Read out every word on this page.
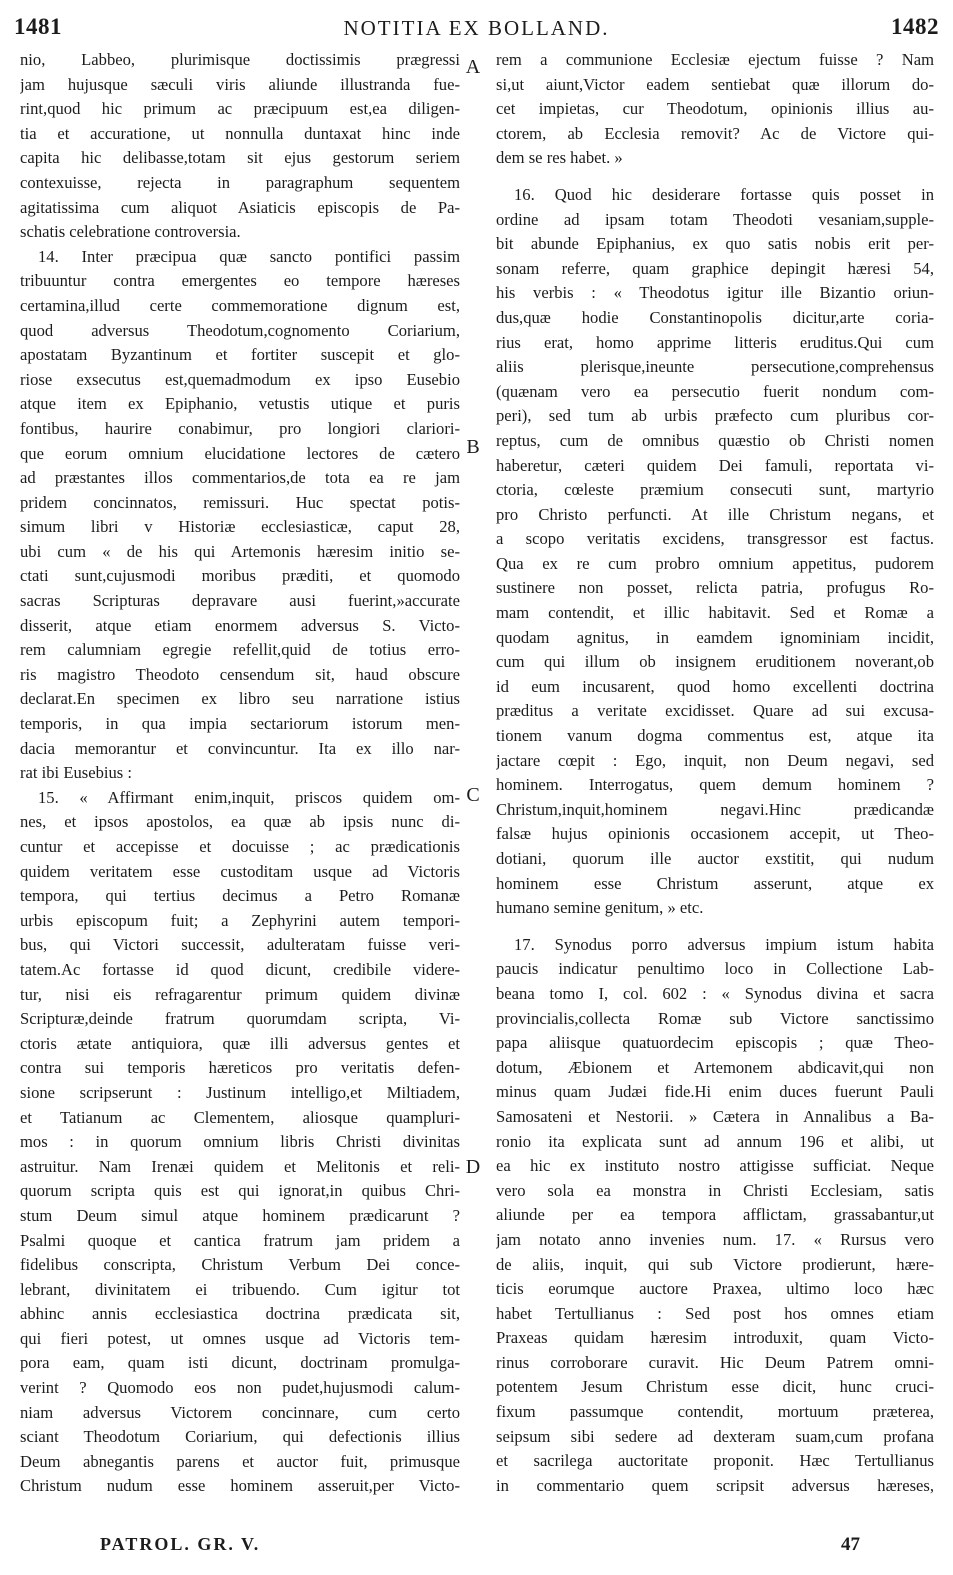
1481	NOTITIA EX BOLLAND.	1482
nio, Labbeo, plurimisque doctissimis prægressi
jam hujusque sæculi viris aliunde illustranda fue-
rint,quod hic primum ac præcipuum est,ea diligen-
tia et accuratione, ut nonnulla duntaxat hinc inde
capita hic delibasse,totam sit ejus gestorum seriem
contexuisse, rejecta in paragraphum sequentem
agitatissima cum aliquot Asiaticis episcopis de Pa-
schatis celebratione controversia.
14. Inter præcipua quæ sancto pontifici passim
tribuuntur contra emergentes eo tempore hæreses
certamina,illud certe commemoratione dignum est,
quod adversus Theodotum,cognomento Coriarium,
apostatam Byzantinum et fortiter suscepit et glo-
riose exsecutus est,quemadmodum ex ipso Eusebio
atque item ex Epiphanio, vetustis utique et puris
fontibus, haurire conabimur, pro longiori clariori-
que eorum omnium elucidatione lectores de cætero
ad præstantes illos commentarios,de tota ea re jam
pridem concinnatos, remissuri. Huc spectat potis-
simum libri v Historiæ ecclesiasticæ, caput 28,
ubi cum « de his qui Artemonis hæresim initio se-
ctati sunt,cujusmodi moribus præditi, et quomodo
sacras Scripturas depravare ausi fuerint,»accurate
disserit, atque etiam enormem adversus S. Victo-
rem calumniam egregie refellit,quid de totius erro-
ris magistro Theodoto censendum sit, haud obscure
declarat.En specimen ex libro seu narratione istius
temporis, in qua impia sectariorum istorum men-
dacia memorantur et convincuntur. Ita ex illo nar-
rat ibi Eusebius :
15. « Affirmant enim,inquit, priscos quidem om-
nes, et ipsos apostolos, ea quæ ab ipsis nunc di-
cuntur et accepisse et docuisse ; ac prædicationis
quidem veritatem esse custoditam usque ad Victoris
tempora, qui tertius decimus a Petro Romanæ
urbis episcopum fuit; a Zephyrini autem tempori-
bus, qui Victori successit, adulteratam fuisse veri-
tatem.Ac fortasse id quod dicunt, credibile videre-
tur, nisi eis refragarentur primum quidem divinæ
Scripturæ,deinde fratrum quorumdam scripta, Vi-
ctoris ætate antiquiora, quæ illi adversus gentes et
contra sui temporis hæreticos pro veritatis defen-
sione scripserunt : Justinum intelligo,et Miltiadem,
et Tatianum ac Clementem, aliosque quampluri-
mos : in quorum omnium libris Christi divinitas
astruitur. Nam Irenæi quidem et Melitonis et reli-
quorum scripta quis est qui ignorat,in quibus Chri-
stum Deum simul atque hominem prædicarunt ?
Psalmi quoque et cantica fratrum jam pridem a
fidelibus conscripta, Christum Verbum Dei conce-
lebrant, divinitatem ei tribuendo. Cum igitur tot
abhinc annis ecclesiastica doctrina prædicata sit,
qui fieri potest, ut omnes usque ad Victoris tem-
pora eam, quam isti dicunt, doctrinam promulga-
verint ? Quomodo eos non pudet,hujusmodi calum-
niam adversus Victorem concinnare, cum certo
sciant Theodotum Coriarium, qui defectionis illius
Deum abnegantis parens et auctor fuit, primusque
Christum nudum esse hominem asseruit,per Victo-
rem a communione Ecclesiæ ejectum fuisse ? Nam
si,ut aiunt,Victor eadem sentiebat quæ illorum do-
cet impietas, cur Theodotum, opinionis illius au-
ctorem, ab Ecclesia removit? Ac de Victore qui-
dem se res habet. »
16. Quod hic desiderare fortasse quis posset in
ordine ad ipsam totam Theodoti vesaniam,supple-
bit abunde Epiphanius, ex quo satis nobis erit per-
sonam referre, quam graphice depingit hæresi 54,
his verbis : « Theodotus igitur ille Bizantio oriun-
dus,quæ hodie Constantinopolis dicitur,arte coria-
rius erat, homo apprime litteris eruditus.Qui cum
aliis plerisque,ineunte persecutione,comprehensus
(quænam vero ea persecutio fuerit nondum com-
peri), sed tum ab urbis præfecto cum pluribus cor-
reptus, cum de omnibus quæstio ob Christi nomen
haberetur, cæteri quidem Dei famuli, reportata vi-
ctoria, cœleste præmium consecuti sunt, martyrio
pro Christo perfuncti. At ille Christum negans, et
a scopo veritatis excidens, transgressor est factus.
Qua ex re cum probro omnium appetitus, pudorem
sustinere non posset, relicta patria, profugus Ro-
mam contendit, et illic habitavit. Sed et Romæ a
quodam agnitus, in eamdem ignominiam incidit,
cum qui illum ob insignem eruditionem noverant,ob
id eum incusarent, quod homo excellenti doctrina
præditus a veritate excidisset. Quare ad sui excusa-
tionem vanum dogma commentus est, atque ita
jactare cœpit : Ego, inquit, non Deum negavi, sed
hominem. Interrogatus, quem demum hominem ?
Christum,inquit,hominem negavi.Hinc prædicandæ
falsæ hujus opinionis occasionem accepit, ut Theo-
dotiani, quorum ille auctor exstitit, qui nudum
hominem esse Christum asserunt, atque ex
humano semine genitum, » etc.
17. Synodus porro adversus impium istum habita
paucis indicatur penultimo loco in Collectione Lab-
beana tomo I, col. 602 : « Synodus divina et sacra
provincialis,collecta Romæ sub Victore sanctissimo
papa aliisque quatuordecim episcopis ; quæ Theo-
dotum, Æbionem et Artemonem abdicavit,qui non
minus quam Judæi fide.Hi enim duces fuerunt Pauli
Samosateni et Nestorii. » Cætera in Annalibus a Ba-
ronio ita explicata sunt ad annum 196 et alibi, ut
ea hic ex instituto nostro attigisse sufficiat. Neque
vero sola ea monstra in Christi Ecclesiam, satis
aliunde per ea tempora afflictam, grassabantur,ut
jam notato anno invenies num. 17. « Rursus vero
de aliis, inquit, qui sub Victore prodierunt, hære-
ticis eorumque auctore Praxea, ultimo loco hæc
habet Tertullianus : Sed post hos omnes etiam
Praxeas quidam hæresim introduxit, quam Victo-
rinus corroborare curavit. Hic Deum Patrem omni-
potentem Jesum Christum esse dicit, hunc cruci-
fixum passumque contendit, mortuum præterea,
seipsum sibi sedere ad dexteram suam,cum profana
et sacrilega auctoritate proponit. Hæc Tertullianus
in commentario quem scripsit adversus hæreses,
A
B
C
D
PATROL. GR. V.	47
